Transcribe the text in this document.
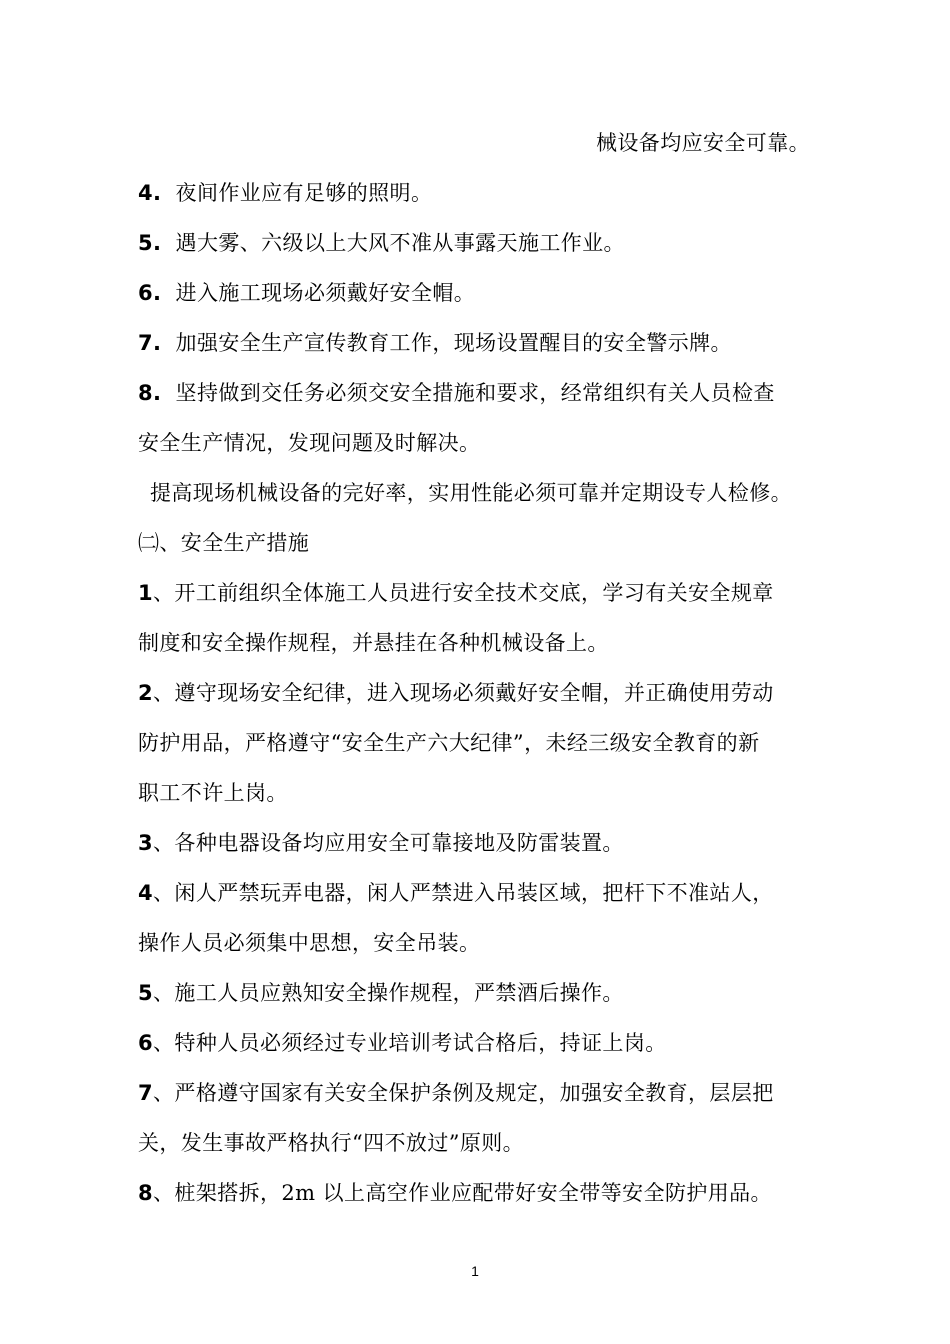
械设备均应安全可靠。
4. 夜间作业应有足够的照明。
5. 遇大雾、六级以上大风不准从事露天施工作业。
6. 进入施工现场必须戴好安全帽。
7. 加强安全生产宣传教育工作，现场设置醒目的安全警示牌。
8. 坚持做到交任务必须交安全措施和要求，经常组织有关人员检查
安全生产情况，发现问题及时解决。
提高现场机械设备的完好率，实用性能必须可靠并定期设专人检修。
㈡、安全生产措施
1、开工前组织全体施工人员进行安全技术交底，学习有关安全规章
制度和安全操作规程，并悬挂在各种机械设备上。
2、遵守现场安全纪律，进入现场必须戴好安全帽，并正确使用劳动
防护用品，严格遵守“安全生产六大纪律”，未经三级安全教育的新
职工不许上岗。
3、各种电器设备均应用安全可靠接地及防雷装置。
4、闲人严禁玩弄电器，闲人严禁进入吊装区域，把杆下不准站人，
操作人员必须集中思想，安全吊装。
5、施工人员应熟知安全操作规程，严禁酒后操作。
6、特种人员必须经过专业培训考试合格后，持证上岗。
7、严格遵守国家有关安全保护条例及规定，加强安全教育，层层把
关，发生事故严格执行“四不放过”原则。
8、桩架搭拆，2m 以上高空作业应配带好安全带等安全防护用品。
1
